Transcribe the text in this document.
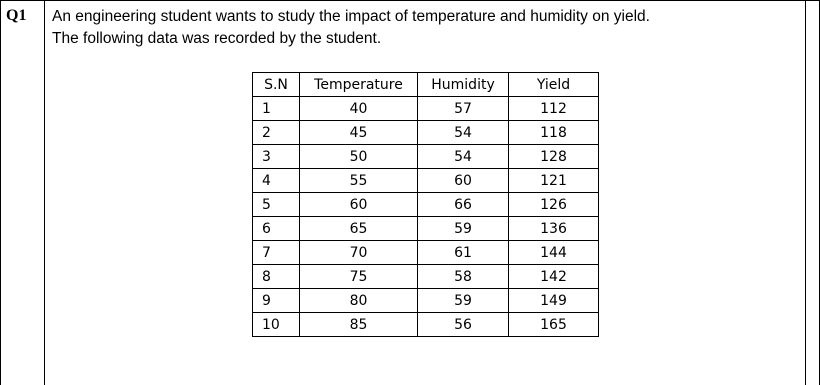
Q1 An engineering student wants to study the impact of temperature and humidity on yield.

The following data was recorded by the student.

S.N	Temperature	Humidity	Yield
1	40	57	112
2	45	54	118
3	50	54	128
4	55	60	121
5	60	66	126
6	65	59	136
7	70	61	144
8	75	58	142
9	80	59	149
10	85	56	165
